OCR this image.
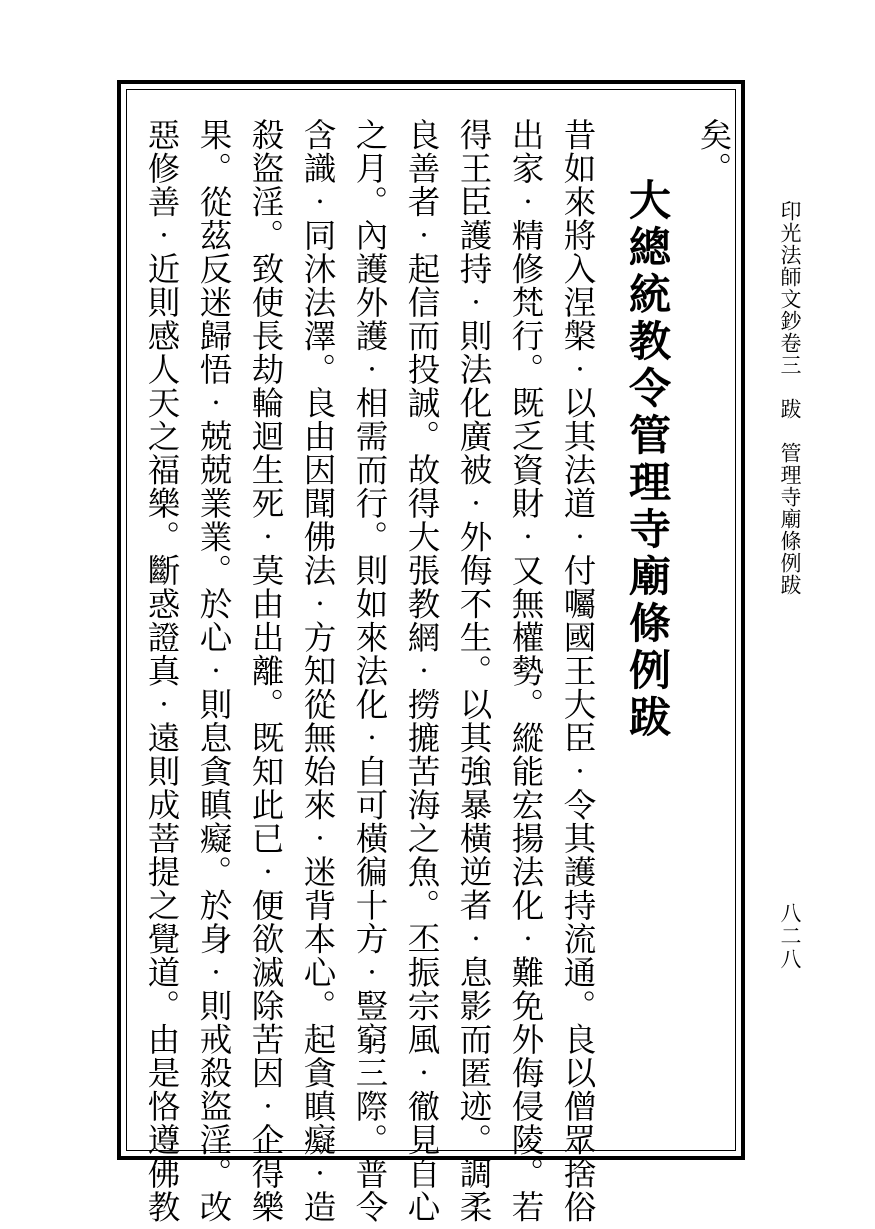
印光法師文鈔卷三　跋　管理寺廟條例跋
八二八
矣。
大總統教令管理寺廟條例跋
昔如來將入涅槃‧以其法道‧付囑國王大臣‧令其護持流通。良以僧眾捨俗
出家‧精修梵行。既乏資財‧又無權勢。縱能宏揚法化‧難免外侮侵陵。若
得王臣護持‧則法化廣被‧外侮不生。以其強暴橫逆者‧息影而匿迹。調柔
良善者‧起信而投誠。故得大張教網‧撈摝苦海之魚。丕振宗風‧徹見自心
之月。內護外護‧相需而行。則如來法化‧自可橫徧十方‧豎窮三際。普令
含識‧同沐法澤。良由因聞佛法‧方知從無始來‧迷背本心。起貪瞋癡‧造
殺盜淫。致使長劫輪迴生死‧莫由出離。既知此已‧便欲滅除苦因‧企得樂
果。從茲反迷歸悟‧兢兢業業。於心‧則息貪瞋癡。於身‧則戒殺盜淫。改
惡修善‧近則感人天之福樂。斷惑證真‧遠則成菩提之覺道。由是恪遵佛教
